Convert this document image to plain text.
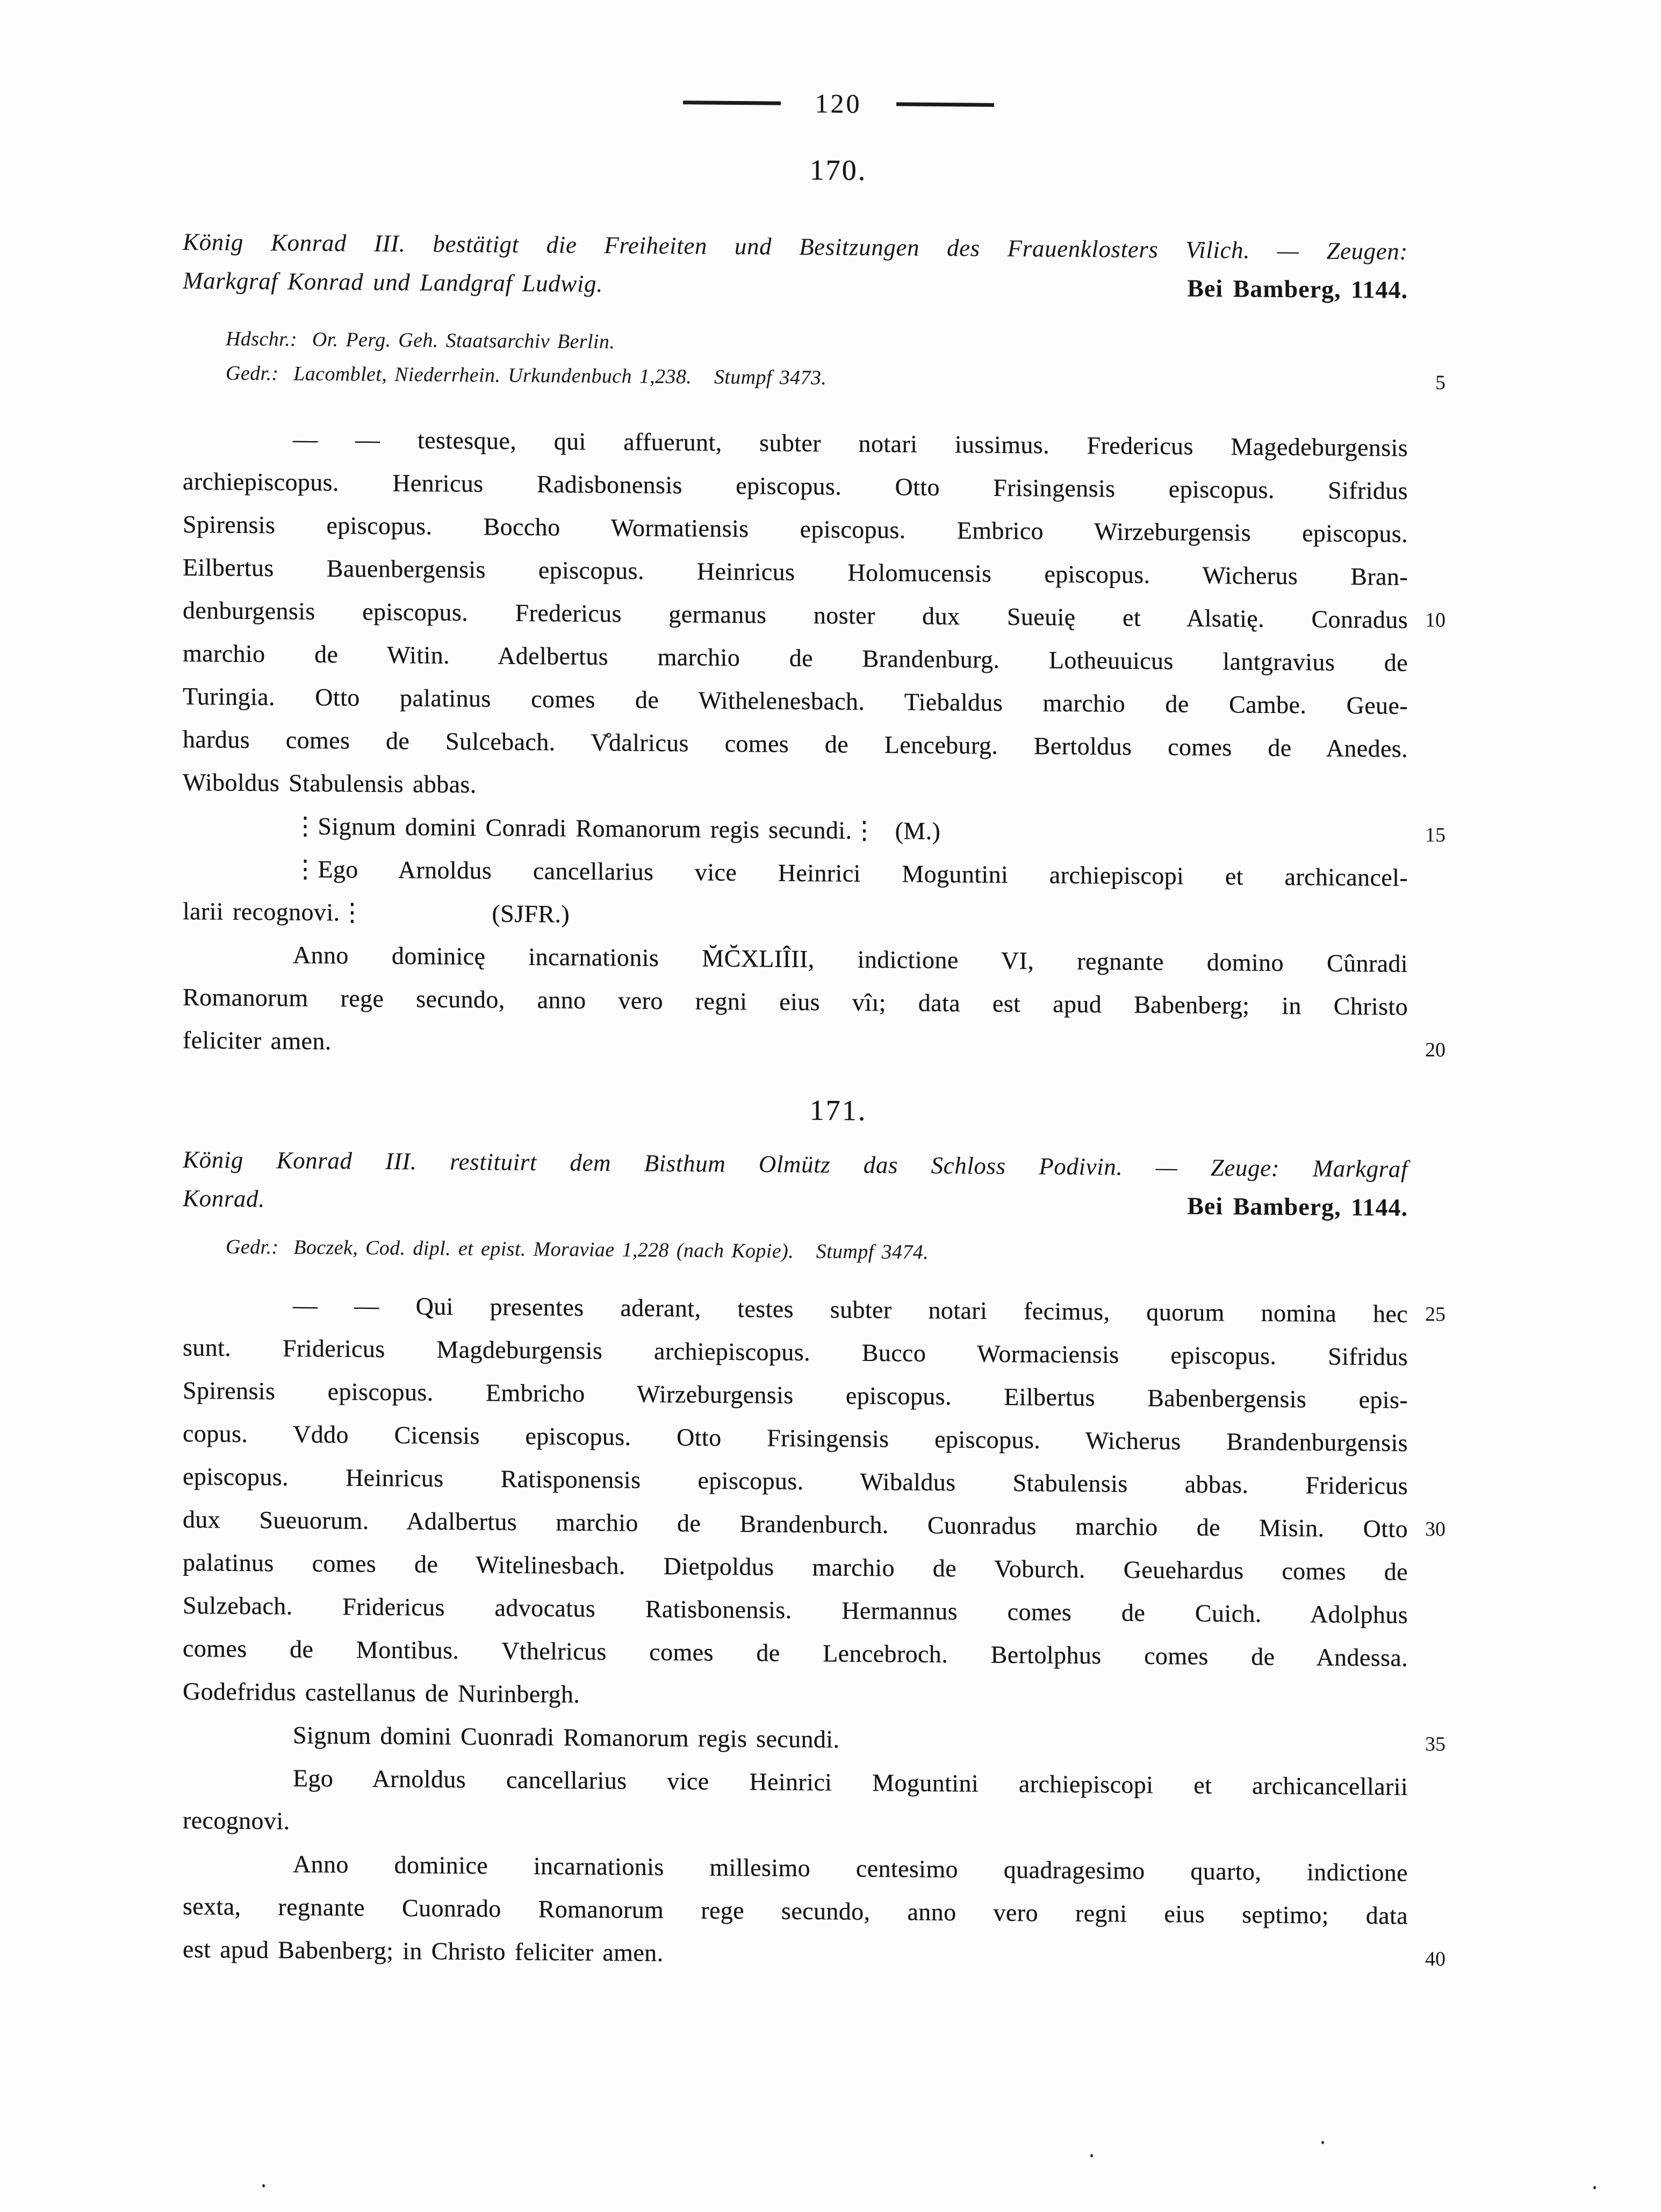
120
170.
König Konrad III. bestätigt die Freiheiten und Besitzungen des Frauenklosters Vilich. — Zeugen:
Markgraf Konrad und Landgraf Ludwig.	Bei Bamberg, 1144.
Hdschr.:  Or. Perg. Geh. Staatsarchiv Berlin.
Gedr.:  Lacomblet, Niederrhein. Urkundenbuch 1,238.   Stumpf 3473.
— — testesque, qui affuerunt, subter notari iussimus. Fredericus Magedeburgensis
archiepiscopus. Henricus Radisbonensis episcopus. Otto Frisingensis episcopus. Sifridus
Spirensis episcopus. Boccho Wormatiensis episcopus. Embrico Wirzeburgensis episcopus.
Eilbertus Bauenbergensis episcopus. Heinricus Holomucensis episcopus. Wicherus Bran-
denburgensis episcopus. Fredericus germanus noster dux Sueuię et Alsatię. Conradus
marchio de Witin. Adelbertus marchio de Brandenburg. Lotheuuicus lantgravius de
Turingia. Otto palatinus comes de Withelenesbach. Tiebaldus marchio de Cambe. Geue-
hardus comes de Sulcebach. V̊dalricus comes de Lenceburg. Bertoldus comes de Anedes.
Wiboldus Stabulensis abbas.
⋮Signum domini Conradi Romanorum regis secundi.⋮  (M.)
⋮Ego Arnoldus cancellarius vice Heinrici Moguntini archiepiscopi et archicancel-
larii recognovi.⋮              (SJFR.)
Anno dominicę incarnationis M̆C̆XLIÎII, indictione VI, regnante domino Cûnradi
Romanorum rege secundo, anno vero regni eius vîı; data est apud Babenberg; in Christo
feliciter amen.
171.
König Konrad III. restituirt dem Bisthum Olmütz das Schloss Podivin. — Zeuge: Markgraf
Konrad.	Bei Bamberg, 1144.
Gedr.:  Boczek, Cod. dipl. et epist. Moraviae 1,228 (nach Kopie).   Stumpf 3474.
— — Qui presentes aderant, testes subter notari fecimus, quorum nomina hec
sunt. Fridericus Magdeburgensis archiepiscopus. Bucco Wormaciensis episcopus. Sifridus
Spirensis episcopus. Embricho Wirzeburgensis episcopus. Eilbertus Babenbergensis epis-
copus. Vddo Cicensis episcopus. Otto Frisingensis episcopus. Wicherus Brandenburgensis
episcopus. Heinricus Ratisponensis episcopus. Wibaldus Stabulensis abbas. Fridericus
dux Sueuorum. Adalbertus marchio de Brandenburch. Cuonradus marchio de Misin. Otto
palatinus comes de Witelinesbach. Dietpoldus marchio de Voburch. Geuehardus comes de
Sulzebach. Fridericus advocatus Ratisbonensis. Hermannus comes de Cuich. Adolphus
comes de Montibus. Vthelricus comes de Lencebroch. Bertolphus comes de Andessa.
Godefridus castellanus de Nurinbergh.
Signum domini Cuonradi Romanorum regis secundi.
Ego Arnoldus cancellarius vice Heinrici Moguntini archiepiscopi et archicancellarii
recognovi.
Anno dominice incarnationis millesimo centesimo quadragesimo quarto, indictione
sexta, regnante Cuonrado Romanorum rege secundo, anno vero regni eius septimo; data
est apud Babenberg; in Christo feliciter amen.
5
10
15
20
25
30
35
40
